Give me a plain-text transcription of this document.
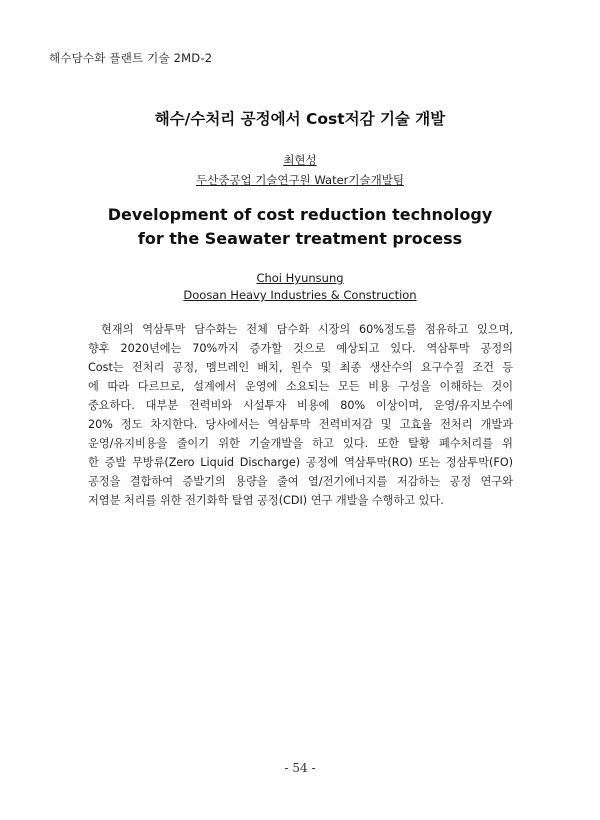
해수담수화 플랜트 기술 2MD-2
해수/수처리 공정에서 Cost저감 기술 개발
최현성
두산중공업 기술연구원 Water기술개발팀
Development of cost reduction technology
for the Seawater treatment process
Choi Hyunsung
Doosan Heavy Industries & Construction
현재의 역삼투막 담수화는 전체 담수화 시장의 60%정도를 점유하고 있으며,
향후 2020년에는 70%까지 증가할 것으로 예상되고 있다. 역삼투막 공정의
Cost는 전처리 공정, 멤브레인 배치, 원수 및 최종 생산수의 요구수질 조건 등
에 따라 다르므로, 설계에서 운영에 소요되는 모든 비용 구성을 이해하는 것이
중요하다. 대부분 전력비와 시설투자 비용에 80% 이상이며, 운영/유지보수에
20% 정도 차지한다. 당사에서는 역삼투막 전력비저감 및 고효율 전처리 개발과
운영/유지비용을 줄이기 위한 기술개발을 하고 있다. 또한 탈황 폐수처리를 위
한 증발 무방류(Zero Liquid Discharge) 공정에 역삼투막(RO) 또는 정삼투막(FO)
공정을 결합하여 증발기의 용량을 줄여 열/전기에너지를 저감하는 공정 연구와
저염분 처리를 위한 전기화학 탈염 공정(CDI) 연구 개발을 수행하고 있다.
- 54 -
